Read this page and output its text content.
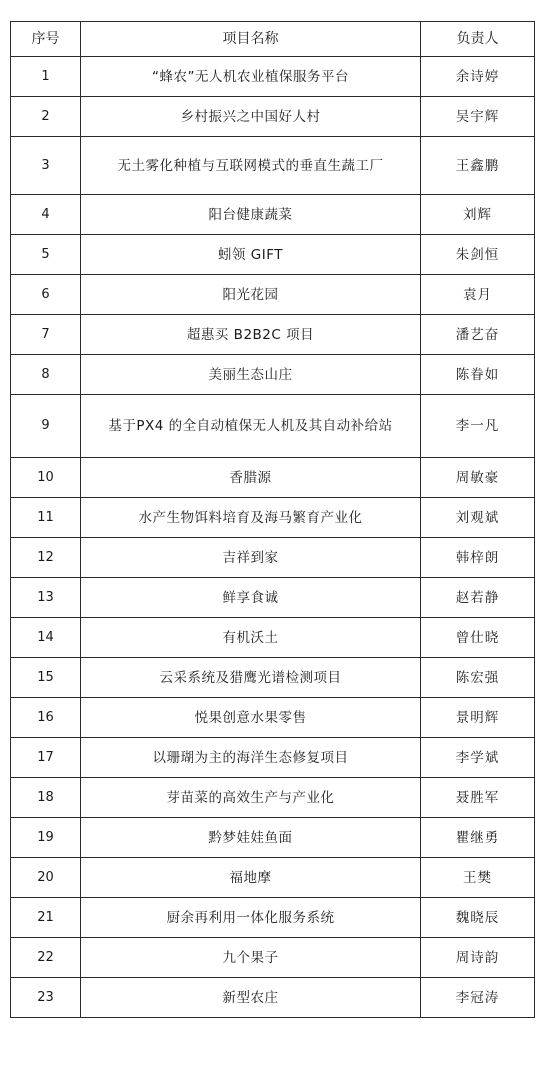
序号	项目名称	负责人
1	“蜂农”无人机农业植保服务平台	余诗婷
2	乡村振兴之中国好人村	吴宇辉
3	无土雾化种植与互联网模式的垂直生蔬工厂	王鑫鹏
4	阳台健康蔬菜	刘辉
5	蚓领 GIFT	朱剑恒
6	阳光花园	袁月
7	超惠买 B2B2C 项目	潘艺奋
8	美丽生态山庄	陈眷如
9	基于PX4 的全自动植保无人机及其自动补给站	李一凡
10	香腊源	周敏豪
11	水产生物饵料培育及海马繁育产业化	刘观斌
12	吉祥到家	韩梓朗
13	鲜享食诚	赵若静
14	有机沃土	曾仕晓
15	云采系统及猎鹰光谱检测项目	陈宏强
16	悦果创意水果零售	景明辉
17	以珊瑚为主的海洋生态修复项目	李学斌
18	芽苗菜的高效生产与产业化	聂胜军
19	黔梦娃娃鱼面	瞿继勇
20	福地摩	王樊
21	厨余再利用一体化服务系统	魏晓辰
22	九个果子	周诗韵
23	新型农庄	李冠涛
